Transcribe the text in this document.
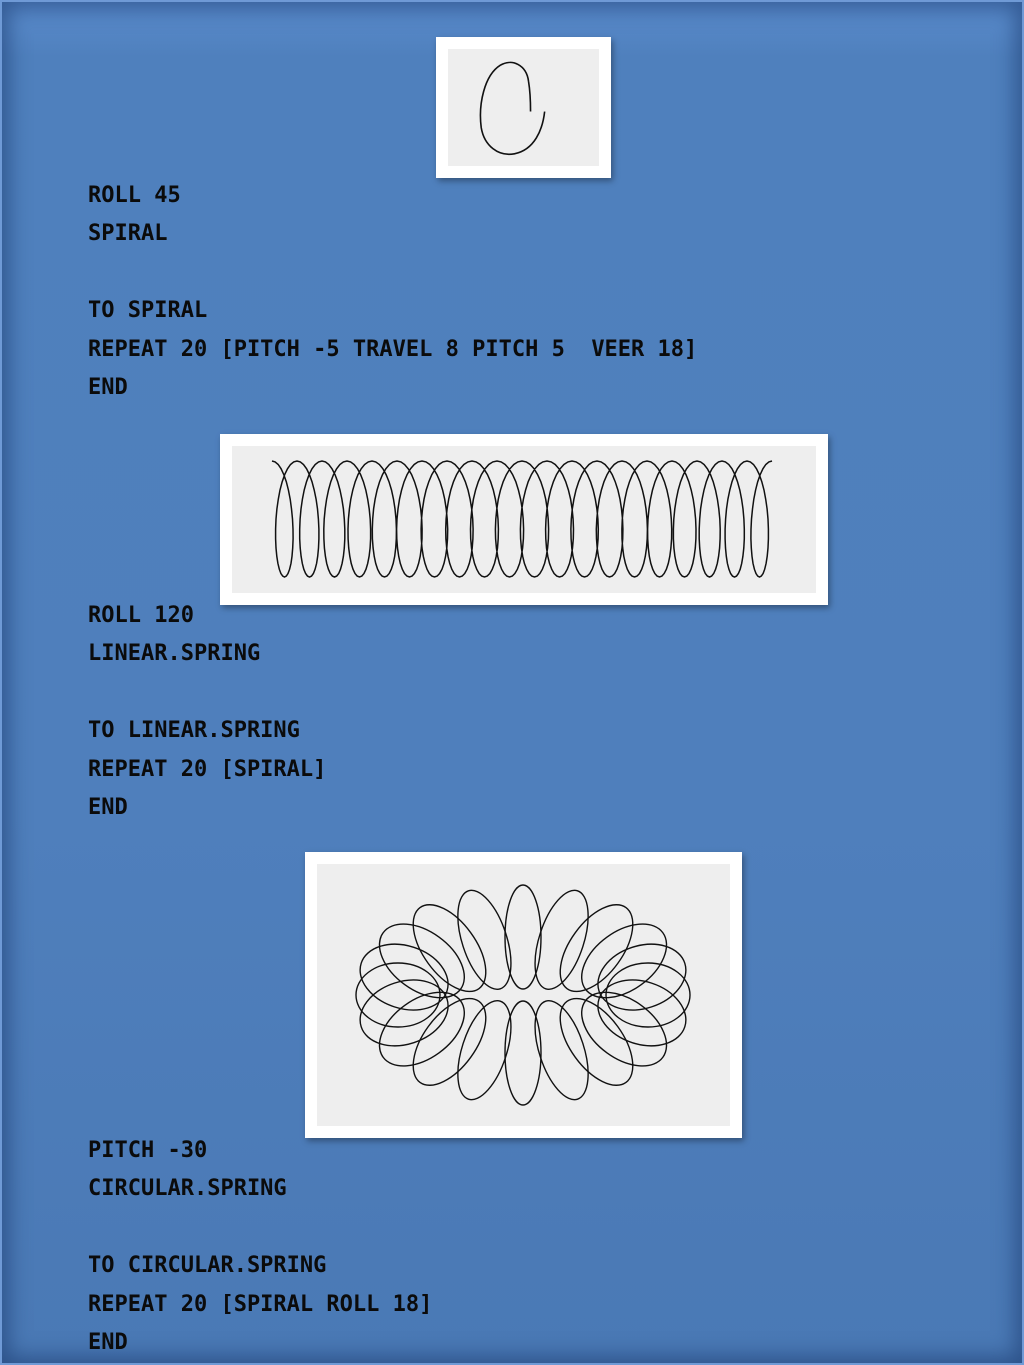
ROLL 45
SPIRAL

TO SPIRAL
REPEAT 20 [PITCH -5 TRAVEL 8 PITCH 5  VEER 18]
END
ROLL 120
LINEAR.SPRING

TO LINEAR.SPRING
REPEAT 20 [SPIRAL]
END
PITCH -30
CIRCULAR.SPRING

TO CIRCULAR.SPRING
REPEAT 20 [SPIRAL ROLL 18]
END
